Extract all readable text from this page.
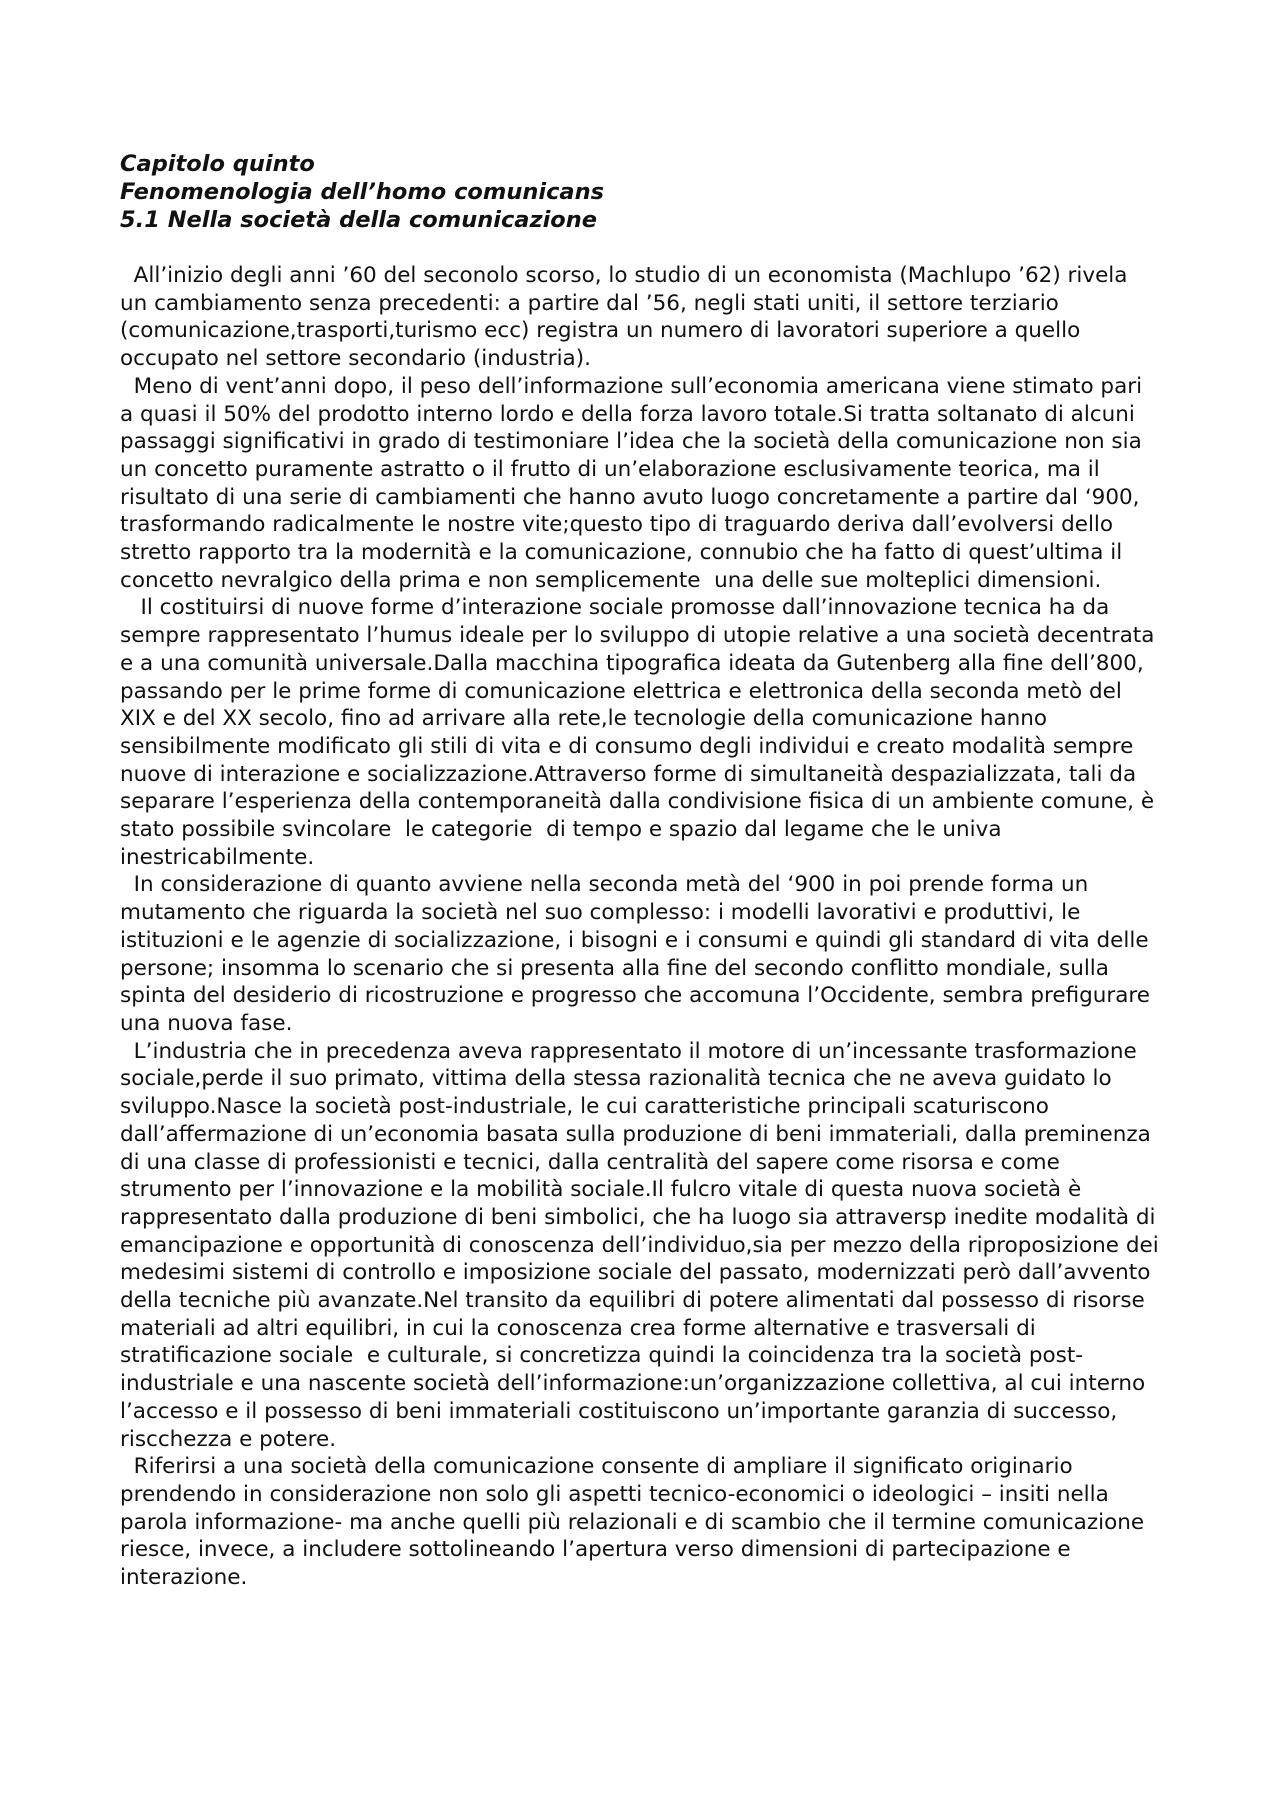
Capitolo quinto

Fenomenologia dell’homo comunicans

5.1 Nella società della comunicazione

All’inizio degli anni ’60 del seconolo scorso, lo studio di un economista (Machlupo ’62) rivela un cambiamento senza precedenti: a partire dal ’56, negli stati uniti, il settore terziario (comunicazione,trasporti,turismo ecc) registra un numero di lavoratori superiore a quello occupato nel settore secondario (industria).

Meno di vent’anni dopo, il peso dell’informazione sull’economia americana viene stimato pari a quasi il 50% del prodotto interno lordo e della forza lavoro totale.Si tratta soltanato di alcuni passaggi significativi in grado di testimoniare l’idea che la società della comunicazione non sia un concetto puramente astratto o il frutto di un’elaborazione esclusivamente teorica, ma il risultato di una serie di cambiamenti che hanno avuto luogo concretamente a partire dal ‘900, trasformando radicalmente le nostre vite;questo tipo di traguardo deriva dall’evolversi dello stretto rapporto tra la modernità e la comunicazione, connubio che ha fatto di quest’ultima il concetto nevralgico della prima e non semplicemente  una delle sue molteplici dimensioni.

Il costituirsi di nuove forme d’interazione sociale promosse dall’innovazione tecnica ha da sempre rappresentato l’humus ideale per lo sviluppo di utopie relative a una società decentrata e a una comunità universale.Dalla macchina tipografica ideata da Gutenberg alla fine dell’800, passando per le prime forme di comunicazione elettrica e elettronica della seconda metò del XIX e del XX secolo, fino ad arrivare alla rete,le tecnologie della comunicazione hanno sensibilmente modificato gli stili di vita e di consumo degli individui e creato modalità sempre nuove di interazione e socializzazione.Attraverso forme di simultaneità despazializzata, tali da separare l’esperienza della contemporaneità dalla condivisione fisica di un ambiente comune, è stato possibile svincolare  le categorie  di tempo e spazio dal legame che le univa inestricabilmente.

In considerazione di quanto avviene nella seconda metà del ‘900 in poi prende forma un mutamento che riguarda la società nel suo complesso: i modelli lavorativi e produttivi, le istituzioni e le agenzie di socializzazione, i bisogni e i consumi e quindi gli standard di vita delle persone; insomma lo scenario che si presenta alla fine del secondo conflitto mondiale, sulla spinta del desiderio di ricostruzione e progresso che accomuna l’Occidente, sembra prefigurare una nuova fase.

L’industria che in precedenza aveva rappresentato il motore di un’incessante trasformazione sociale,perde il suo primato, vittima della stessa razionalità tecnica che ne aveva guidato lo sviluppo.Nasce la società post-industriale, le cui caratteristiche principali scaturiscono dall’affermazione di un’economia basata sulla produzione di beni immateriali, dalla preminenza di una classe di professionisti e tecnici, dalla centralità del sapere come risorsa e come strumento per l’innovazione e la mobilità sociale.Il fulcro vitale di questa nuova società è rappresentato dalla produzione di beni simbolici, che ha luogo sia attraversp inedite modalità di emancipazione e opportunità di conoscenza dell’individuo,sia per mezzo della riproposizione dei medesimi sistemi di controllo e imposizione sociale del passato, modernizzati però dall’avvento della tecniche più avanzate.Nel transito da equilibri di potere alimentati dal possesso di risorse materiali ad altri equilibri, in cui la conoscenza crea forme alternative e trasversali di stratificazione sociale  e culturale, si concretizza quindi la coincidenza tra la società post-industriale e una nascente società dell’informazione:un’organizzazione collettiva, al cui interno l’accesso e il possesso di beni immateriali costituiscono un’importante garanzia di successo, riscchezza e potere.

Riferirsi a una società della comunicazione consente di ampliare il significato originario prendendo in considerazione non solo gli aspetti tecnico-economici o ideologici – insiti nella parola informazione- ma anche quelli più relazionali e di scambio che il termine comunicazione riesce, invece, a includere sottolineando l’apertura verso dimensioni di partecipazione e interazione.
